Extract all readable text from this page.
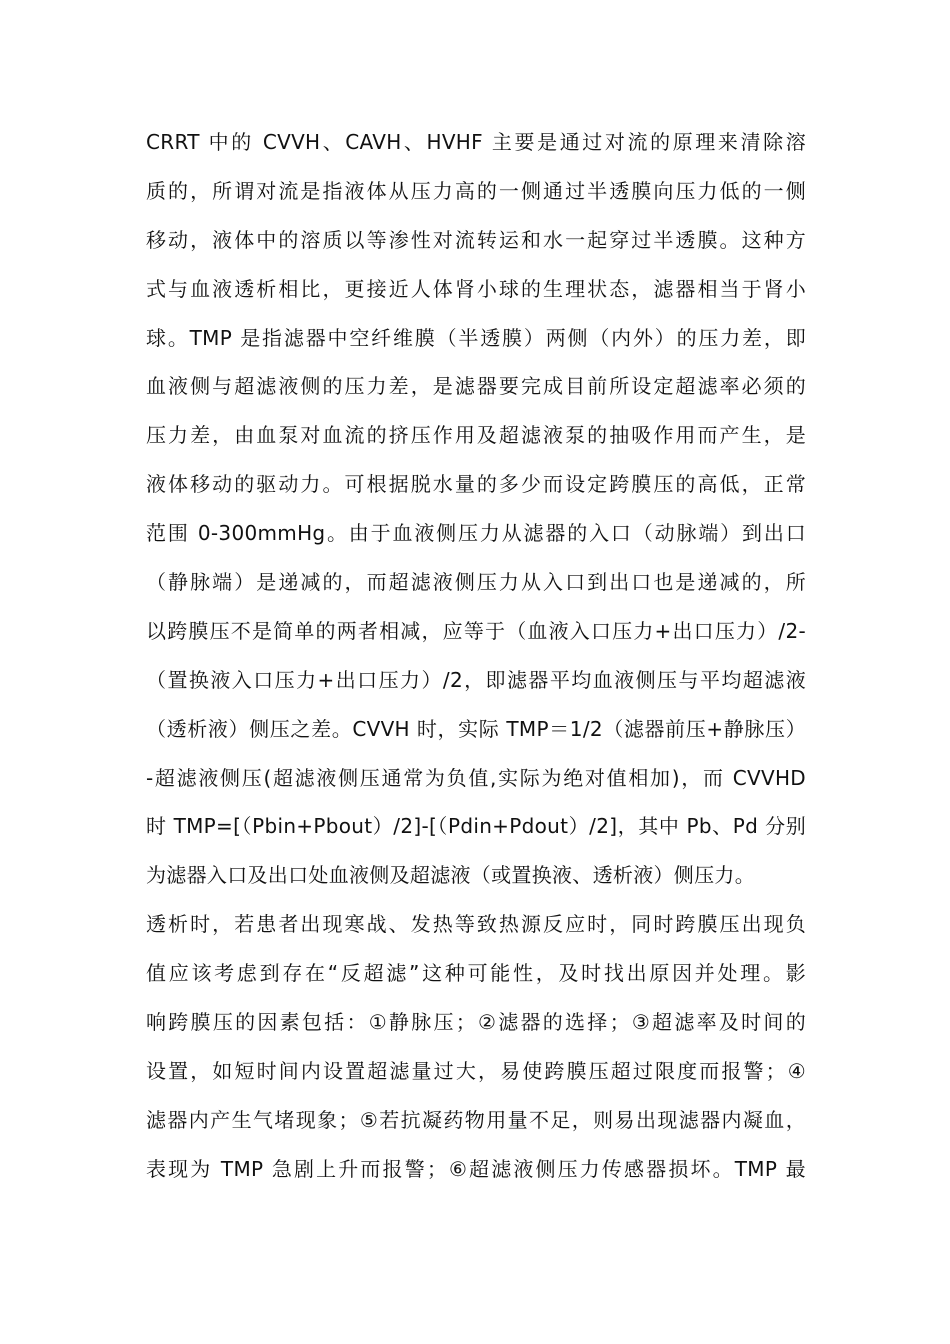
CRRT 中的 CVVH、CAVH、HVHF 主要是通过对流的原理来清除溶
质的，所谓对流是指液体从压力高的一侧通过半透膜向压力低的一侧
移动，液体中的溶质以等渗性对流转运和水一起穿过半透膜。这种方
式与血液透析相比，更接近人体肾小球的生理状态，滤器相当于肾小
球。TMP 是指滤器中空纤维膜（半透膜）两侧（内外）的压力差，即
血液侧与超滤液侧的压力差，是滤器要完成目前所设定超滤率必须的
压力差，由血泵对血流的挤压作用及超滤液泵的抽吸作用而产生，是
液体移动的驱动力。可根据脱水量的多少而设定跨膜压的高低，正常
范围 0-300mmHg。由于血液侧压力从滤器的入口（动脉端）到出口
（静脉端）是递减的，而超滤液侧压力从入口到出口也是递减的，所
以跨膜压不是简单的两者相减，应等于（血液入口压力+出口压力）/2-
（置换液入口压力+出口压力）/2，即滤器平均血液侧压与平均超滤液
（透析液）侧压之差。CVVH 时，实际 TMP＝1/2（滤器前压+静脉压）
-超滤液侧压(超滤液侧压通常为负值,实际为绝对值相加)，而 CVVHD
时 TMP=[（Pbin+Pbout）/2]-[（Pdin+Pdout）/2]，其中 Pb、Pd 分别
为滤器入口及出口处血液侧及超滤液（或置换液、透析液）侧压力。
透析时，若患者出现寒战、发热等致热源反应时，同时跨膜压出现负
值应该考虑到存在“反超滤”这种可能性，及时找出原因并处理。影
响跨膜压的因素包括：①静脉压；②滤器的选择；③超滤率及时间的
设置，如短时间内设置超滤量过大，易使跨膜压超过限度而报警；④
滤器内产生气堵现象；⑤若抗凝药物用量不足，则易出现滤器内凝血，
表现为 TMP 急剧上升而报警；⑥超滤液侧压力传感器损坏。TMP 最
